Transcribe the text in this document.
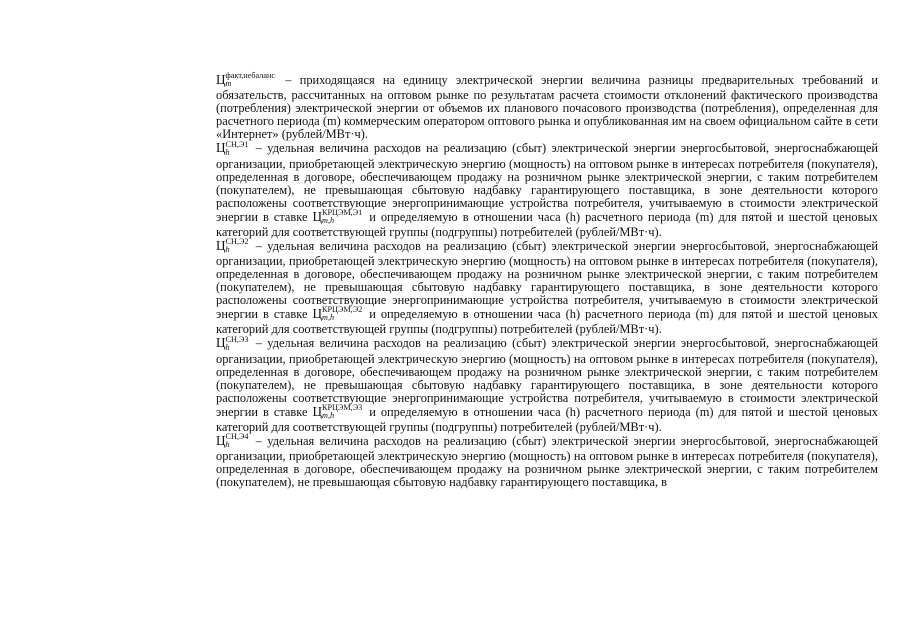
Ц факт,небаланс
m	– приходящаяся на единицу электрической энергии величина разницы предварительных требований и обязательств, рассчитанных на оптовом рынке по результатам расчета стоимости отклонений фактического производства (потребления) электрической энергии от объемов их планового почасового производства (потребления), определенная для расчетного периода (m) коммерческим оператором оптового рынка и опубликованная им на своем официальном сайте в сети «Интернет» (рублей/МВт·ч).

Ц СН,Э1
h	– удельная величина расходов на реализацию (сбыт) электрической энергии энергосбытовой, энергоснабжающей организации, приобретающей электрическую энергию (мощность) на оптовом рынке в интересах потребителя (покупателя), определенная в договоре, обеспечивающем продажу на розничном рынке электрической энергии, с таким потребителем (покупателем), не превышающая сбытовую надбавку гарантирующего поставщика, в зоне деятельности которого расположены соответствующие энергопринимающие устройства потребителя, учитываемую в стоимости электрической энергии в ставке Ц КРЦЭМ,Э1
m,h	и определяемую в отношении часа (h) расчетного периода (m) для пятой и шестой ценовых категорий для соответствующей группы (подгруппы) потребителей (рублей/МВт·ч).

Ц СН,Э2
h	– удельная величина расходов на реализацию (сбыт) электрической энергии энергосбытовой, энергоснабжающей организации, приобретающей электрическую энергию (мощность) на оптовом рынке в интересах потребителя (покупателя), определенная в договоре, обеспечивающем продажу на розничном рынке электрической энергии, с таким потребителем (покупателем), не превышающая сбытовую надбавку гарантирующего поставщика, в зоне деятельности которого расположены соответствующие энергопринимающие устройства потребителя, учитываемую в стоимости электрической энергии в ставке Ц КРЦЭМ,Э2
m,h	и определяемую в отношении часа (h) расчетного периода (m) для пятой и шестой ценовых категорий для соответствующей группы (подгруппы) потребителей (рублей/МВт·ч).

Ц СН,Э3
h	– удельная величина расходов на реализацию (сбыт) электрической энергии энергосбытовой, энергоснабжающей организации, приобретающей электрическую энергию (мощность) на оптовом рынке в интересах потребителя (покупателя), определенная в договоре, обеспечивающем продажу на розничном рынке электрической энергии, с таким потребителем (покупателем), не превышающая сбытовую надбавку гарантирующего поставщика, в зоне деятельности которого расположены соответствующие энергопринимающие устройства потребителя, учитываемую в стоимости электрической энергии в ставке Ц КРЦЭМ,Э3
m,h	и определяемую в отношении часа (h) расчетного периода (m) для пятой и шестой ценовых категорий для соответствующей группы (подгруппы) потребителей (рублей/МВт·ч).

Ц СН,Э4
h	– удельная величина расходов на реализацию (сбыт) электрической энергии энергосбытовой, энергоснабжающей организации, приобретающей электрическую энергию (мощность) на оптовом рынке в интересах потребителя (покупателя), определенная в договоре, обеспечивающем продажу на розничном рынке электрической энергии, с таким потребителем (покупателем), не превышающая сбытовую надбавку гарантирующего поставщика, в
